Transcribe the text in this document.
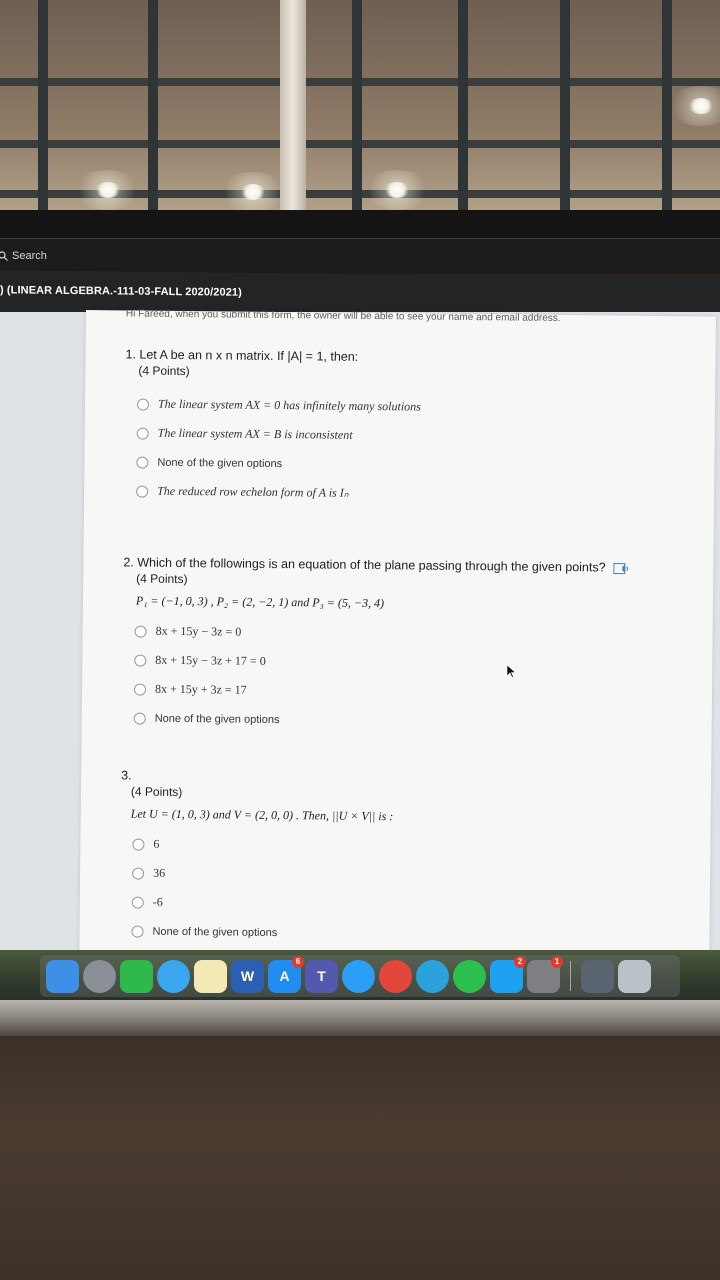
Search
) (LINEAR ALGEBRA.-111-03-FALL 2020/2021)
Hi Fareed, when you submit this form, the owner will be able to see your name and email address.
1. Let A be an n x n matrix. If |A| = 1, then:
(4 Points)
The linear system AX = 0 has infinitely many solutions
The linear system AX = B is inconsistent
None of the given options
The reduced row echelon form of A is Iₙ
2. Which of the followings is an equation of the plane passing through the given points?
(4 Points)
P₁ = (−1, 0, 3) , P₂ = (2, −2, 1) and P₃ = (5, −3, 4)
8x + 15y − 3z = 0
8x + 15y − 3z + 17 = 0
8x + 15y + 3z = 17
None of the given options
3.
(4 Points)
Let U = (1, 0, 3) and V = (2, 0, 0) . Then, ||U × V|| is :
6
36
-6
None of the given options
W A
6
T
2	1
